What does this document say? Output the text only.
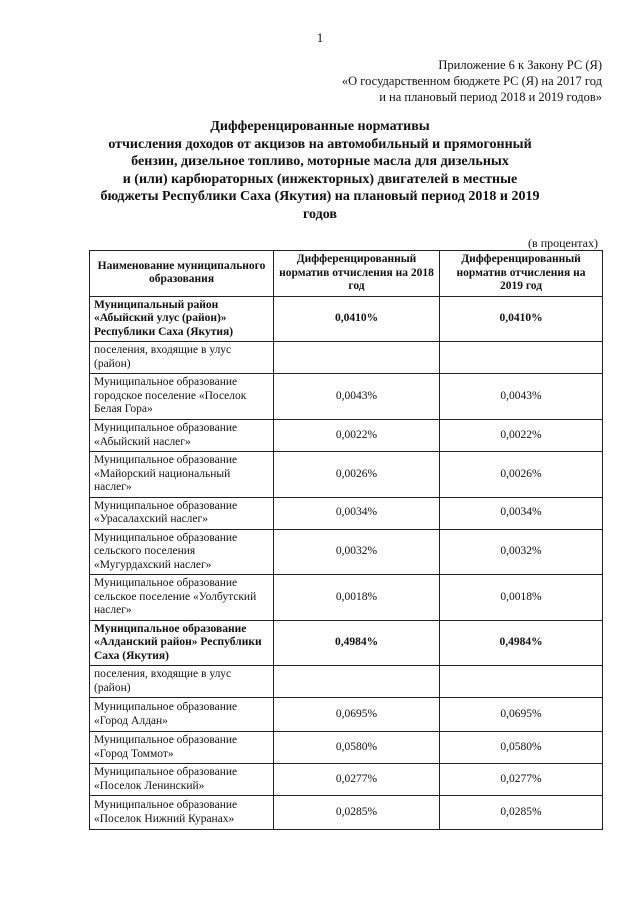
1
Приложение 6 к Закону РС (Я)
«О государственном бюджете РС (Я) на 2017 год
и на плановый период 2018 и 2019 годов»
Дифференцированные нормативы
отчисления доходов от акцизов на автомобильный и прямогонный
бензин, дизельное топливо, моторные масла для дизельных
и (или) карбюраторных (инжекторных) двигателей в местные
бюджеты Республики Саха (Якутия) на плановый период 2018 и 2019
годов
(в процентах)
Наименование муниципального образования	Дифференцированный норматив отчисления на 2018 год	Дифференцированный норматив отчисления на 2019 год
Муниципальный район «Абыйский улус (район)» Республики Саха (Якутия)	0,0410%	0,0410%
поселения, входящие в улус (район)		
Муниципальное образование городское поселение «Поселок Белая Гора»	0,0043%	0,0043%
Муниципальное образование «Абыйский наслег»	0,0022%	0,0022%
Муниципальное образование «Майорский национальный наслег»	0,0026%	0,0026%
Муниципальное образование «Урасалахский наслег»	0,0034%	0,0034%
Муниципальное образование сельского поселения «Мугурдахский наслег»	0,0032%	0,0032%
Муниципальное образование сельское поселение «Уолбутский наслег»	0,0018%	0,0018%
Муниципальное образование «Алданский район» Республики Саха (Якутия)	0,4984%	0,4984%
поселения, входящие в улус (район)		
Муниципальное образование «Город Алдан»	0,0695%	0,0695%
Муниципальное образование «Город Томмот»	0,0580%	0,0580%
Муниципальное образование «Поселок Ленинский»	0,0277%	0,0277%
Муниципальное образование «Поселок Нижний Куранах»	0,0285%	0,0285%
